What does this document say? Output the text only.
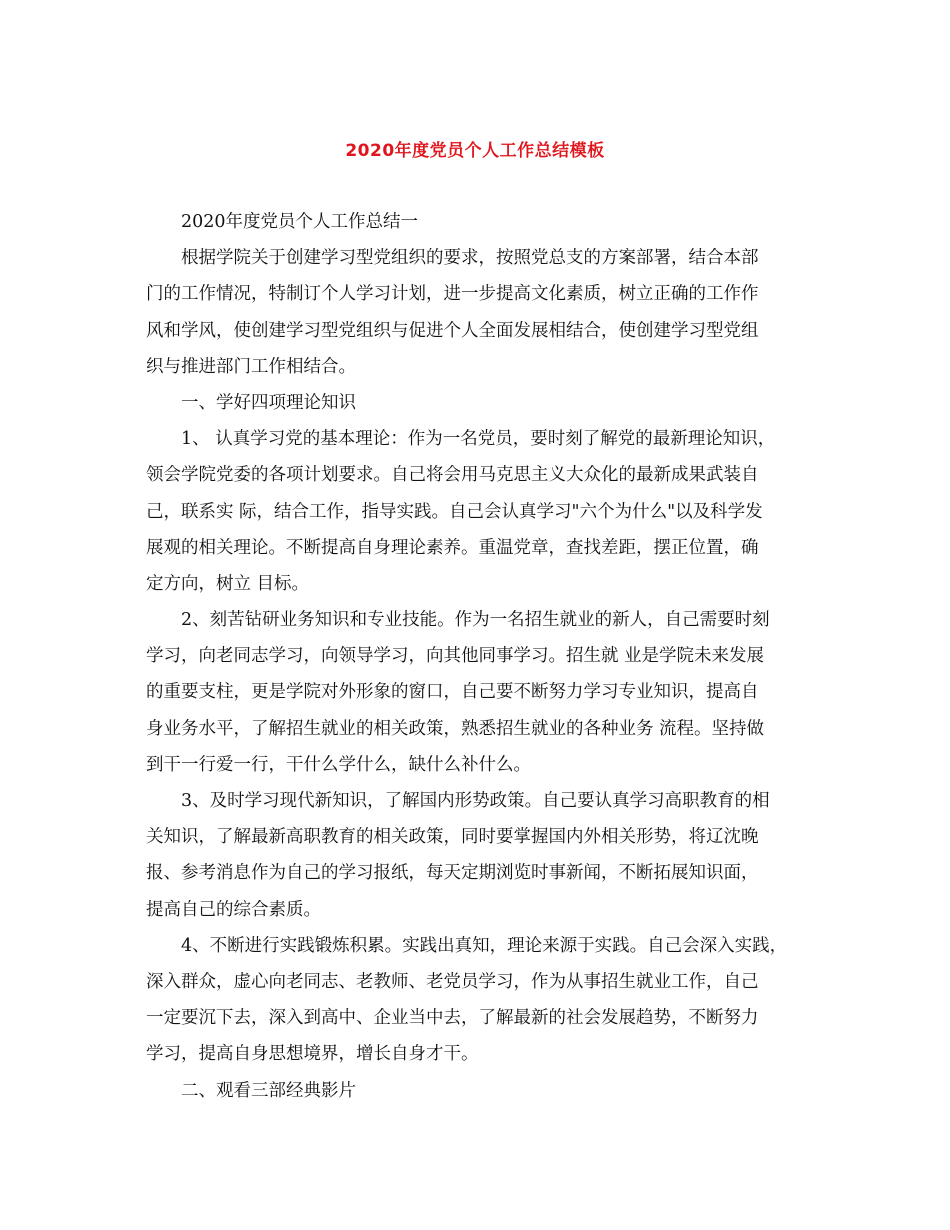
2020年度党员个人工作总结模板
2020年度党员个人工作总结一
根据学院关于创建学习型党组织的要求，按照党总支的方案部署，结合本部
门的工作情况，特制订个人学习计划，进一步提高文化素质，树立正确的工作作
风和学风，使创建学习型党组织与促进个人全面发展相结合，使创建学习型党组
织与推进部门工作相结合。
一、学好四项理论知识
1、 认真学习党的基本理论：作为一名党员，要时刻了解党的最新理论知识，
领会学院党委的各项计划要求。自己将会用马克思主义大众化的最新成果武装自
己，联系实 际，结合工作，指导实践。自己会认真学习"六个为什么"以及科学发
展观的相关理论。不断提高自身理论素养。重温党章，查找差距，摆正位置，确
定方向，树立 目标。
2、刻苦钻研业务知识和专业技能。作为一名招生就业的新人，自己需要时刻
学习，向老同志学习，向领导学习，向其他同事学习。招生就 业是学院未来发展
的重要支柱，更是学院对外形象的窗口，自己要不断努力学习专业知识，提高自
身业务水平，了解招生就业的相关政策，熟悉招生就业的各种业务 流程。坚持做
到干一行爱一行，干什么学什么，缺什么补什么。
3、及时学习现代新知识，了解国内形势政策。自己要认真学习高职教育的相
关知识，了解最新高职教育的相关政策，同时要掌握国内外相关形势，将辽沈晚
报、参考消息作为自己的学习报纸，每天定期浏览时事新闻，不断拓展知识面，
提高自己的综合素质。
4、不断进行实践锻炼积累。实践出真知，理论来源于实践。自己会深入实践，
深入群众，虚心向老同志、老教师、老党员学习，作为从事招生就业工作，自己
一定要沉下去，深入到高中、企业当中去，了解最新的社会发展趋势，不断努力
学习，提高自身思想境界，增长自身才干。
二、观看三部经典影片
